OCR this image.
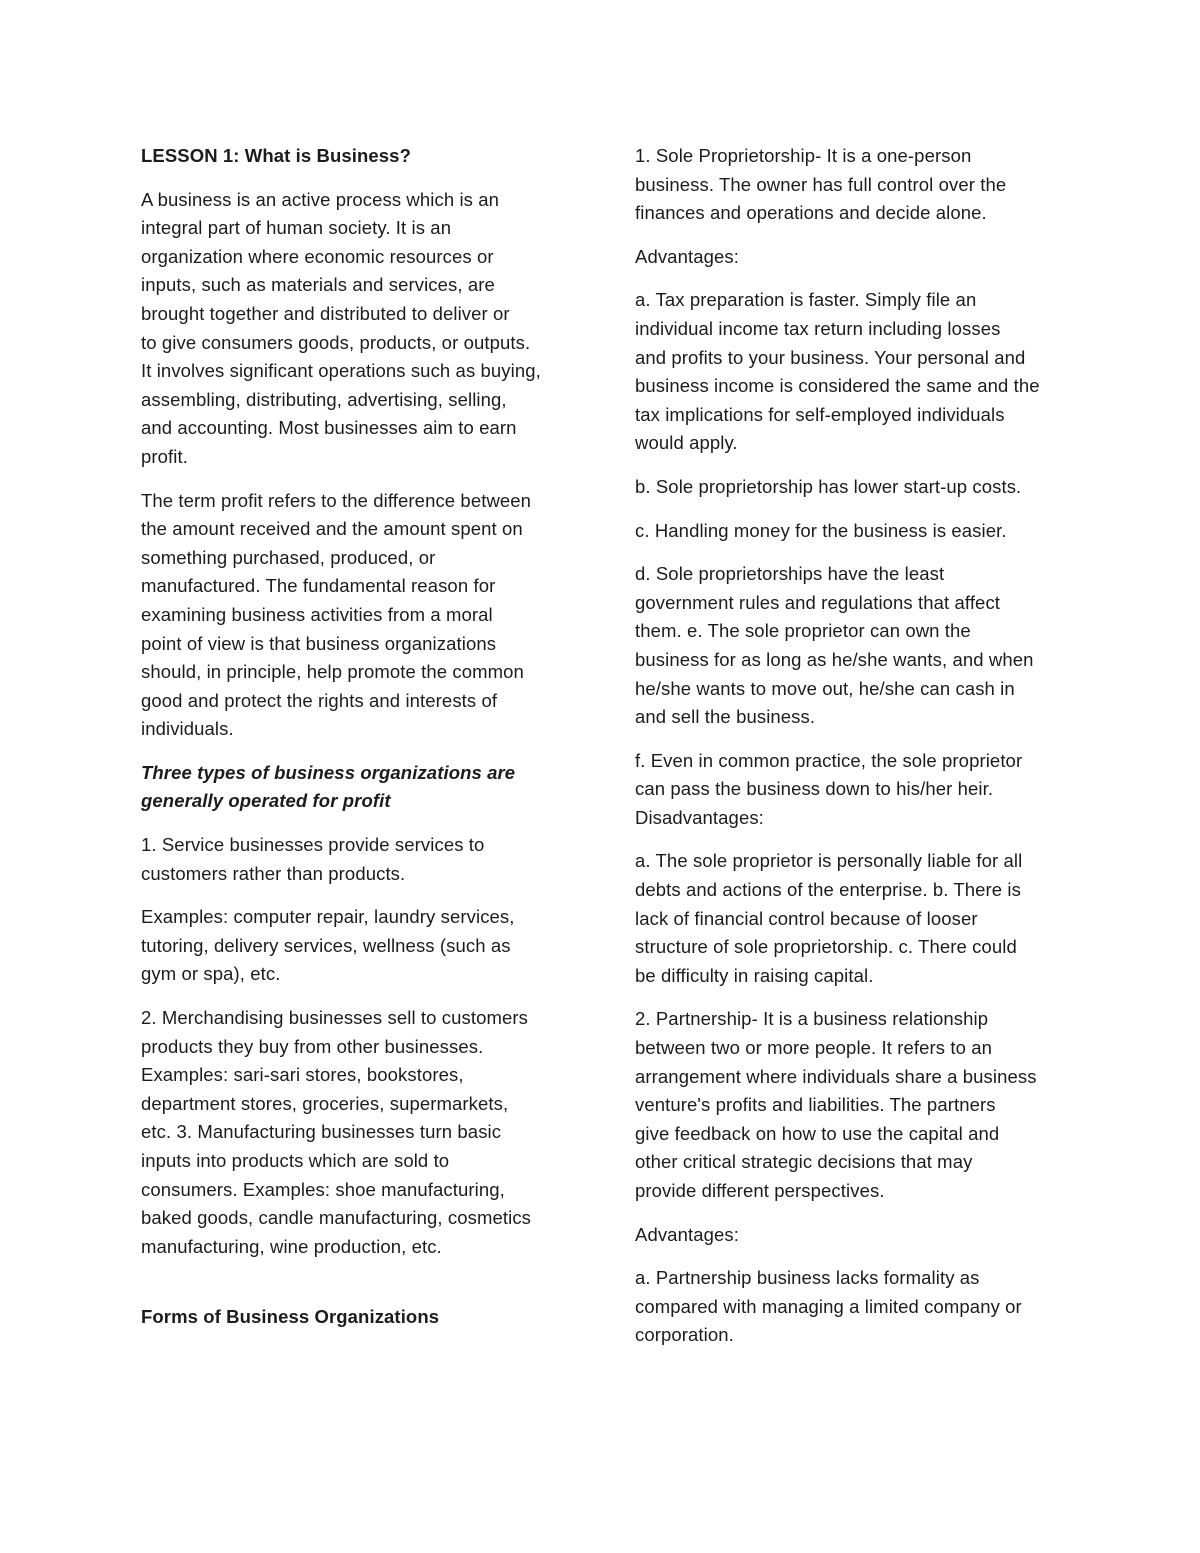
LESSON 1: What is Business?

A business is an active process which is an
integral part of human society. It is an
organization where economic resources or
inputs, such as materials and services, are
brought together and distributed to deliver or
to give consumers goods, products, or outputs.
It involves significant operations such as buying,
assembling, distributing, advertising, selling,
and accounting. Most businesses aim to earn
profit.

The term profit refers to the difference between
the amount received and the amount spent on
something purchased, produced, or
manufactured. The fundamental reason for
examining business activities from a moral
point of view is that business organizations
should, in principle, help promote the common
good and protect the rights and interests of
individuals.

Three types of business organizations are
generally operated for profit

1. Service businesses provide services to
customers rather than products.

Examples: computer repair, laundry services,
tutoring, delivery services, wellness (such as
gym or spa), etc.

2. Merchandising businesses sell to customers
products they buy from other businesses.
Examples: sari-sari stores, bookstores,
department stores, groceries, supermarkets,
etc. 3. Manufacturing businesses turn basic
inputs into products which are sold to
consumers. Examples: shoe manufacturing,
baked goods, candle manufacturing, cosmetics
manufacturing, wine production, etc.

Forms of Business Organizations

1. Sole Proprietorship- It is a one-person
business. The owner has full control over the
finances and operations and decide alone.

Advantages:

a. Tax preparation is faster. Simply file an
individual income tax return including losses
and profits to your business. Your personal and
business income is considered the same and the
tax implications for self-employed individuals
would apply.

b. Sole proprietorship has lower start-up costs.

c. Handling money for the business is easier.

d. Sole proprietorships have the least
government rules and regulations that affect
them. e. The sole proprietor can own the
business for as long as he/she wants, and when
he/she wants to move out, he/she can cash in
and sell the business.

f. Even in common practice, the sole proprietor
can pass the business down to his/her heir.
Disadvantages:

a. The sole proprietor is personally liable for all
debts and actions of the enterprise. b. There is
lack of financial control because of looser
structure of sole proprietorship. c. There could
be difficulty in raising capital.

2. Partnership- It is a business relationship
between two or more people. It refers to an
arrangement where individuals share a business
venture's profits and liabilities. The partners
give feedback on how to use the capital and
other critical strategic decisions that may
provide different perspectives.

Advantages:

a. Partnership business lacks formality as
compared with managing a limited company or
corporation.
